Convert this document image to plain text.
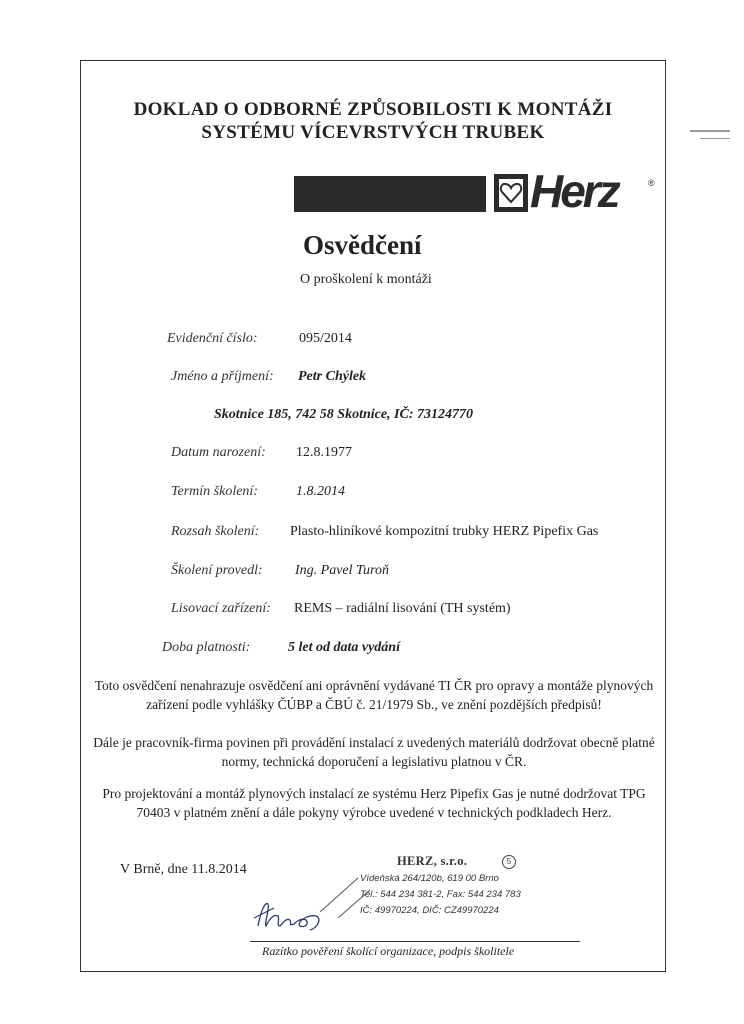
DOKLAD O ODBORNÉ ZPŮSOBILOSTI K MONTÁŽI
SYSTÉMU VÍCEVRSTVÝCH TRUBEK
Herz	®
Osvědčení
O proškolení k montáži
Evidenční číslo:	095/2014
Jméno a příjmení: Petr Chýlek
Skotnice 185, 742 58 Skotnice, IČ: 73124770
Datum narození: 12.8.1977
Termín školení:	1.8.2014
Rozsah školení: Plasto-hliníkové kompozitní trubky HERZ Pipefix Gas
Školení provedl: Ing. Pavel Turoň
Lisovací zařízení: REMS – radiální lisování (TH systém)
Doba platnosti:	5 let od data vydání
Toto osvědčení nenahrazuje osvědčení ani oprávnění vydávané TI ČR pro opravy a montáže plynových
zařízení podle vyhlášky ČÚBP a ČBÚ č. 21/1979 Sb., ve znění pozdějších předpisů!
Dále je pracovník-firma povinen při provádění instalací z uvedených materiálů dodržovat obecně platné
normy, technická doporučení a legislativu platnou v ČR.
Pro projektování a montáž plynových instalací ze systému Herz Pipefix Gas je nutné dodržovat TPG
70403 v platném znění a dále pokyny výrobce uvedené v technických podkladech Herz.
V Brně, dne 11.8.2014
HERZ, s.r.o.	5
Vídeňská 264/120b, 619 00 Brno
Tel.: 544 234 381-2, Fax: 544 234 783
IČ: 49970224, DIČ: CZ49970224
Razítko pověření školící organizace, podpis školitele
